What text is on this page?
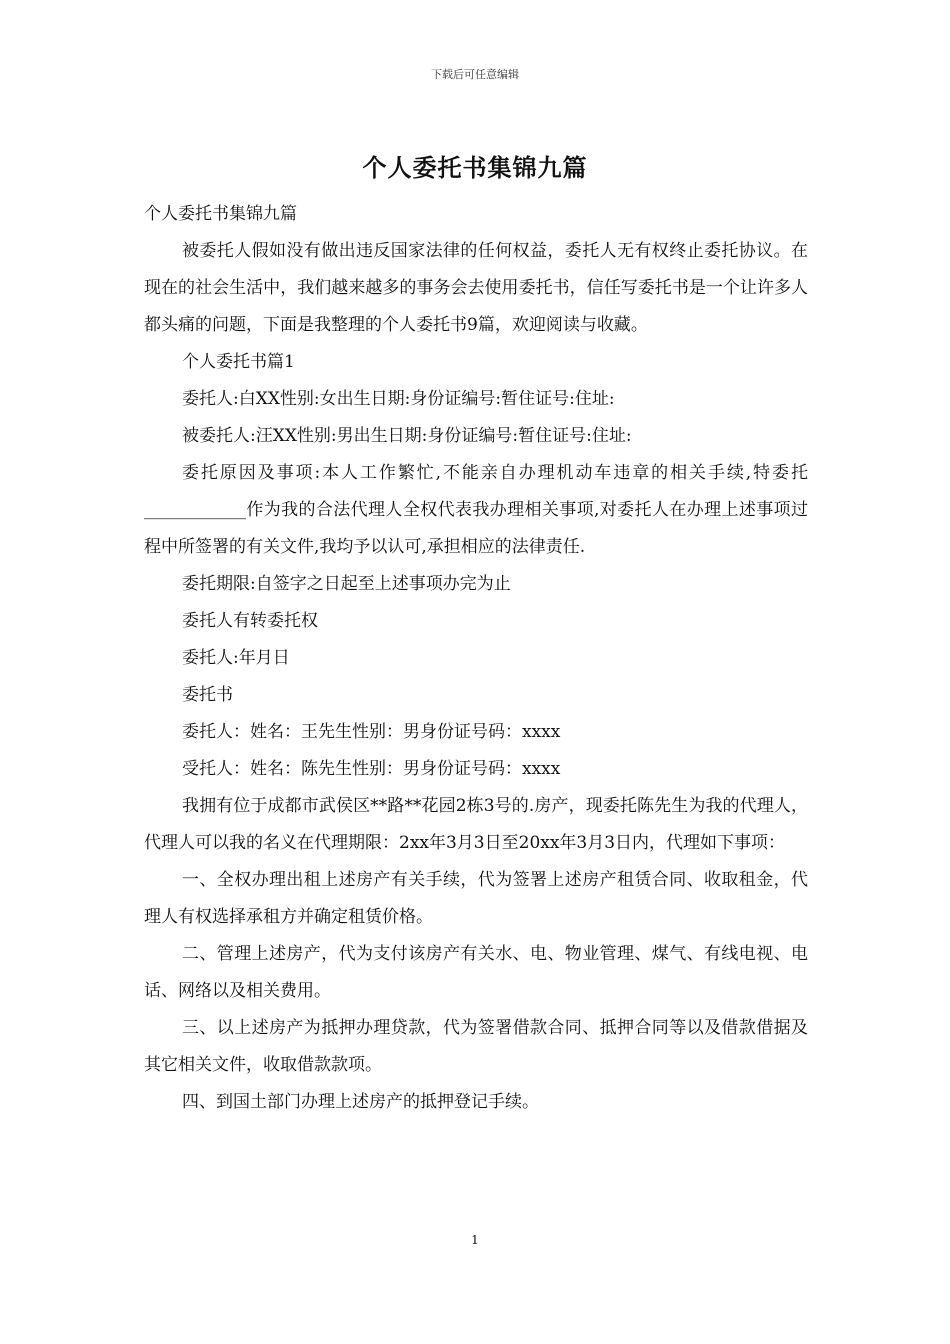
下载后可任意编辑
个人委托书集锦九篇

个人委托书集锦九篇

被委托人假如没有做出违反国家法律的任何权益，委托人无有权终止委托协议。在现在的社会生活中，我们越来越多的事务会去使用委托书，信任写委托书是一个让许多人都头痛的问题，下面是我整理的个人委托书9篇，欢迎阅读与收藏。

个人委托书篇1

委托人:白XX性别:女出生日期:身份证编号:暂住证号:住址:

被委托人:汪XX性别:男出生日期:身份证编号:暂住证号:住址:

委托原因及事项:本人工作繁忙,不能亲自办理机动车违章的相关手续,特委托____________作为我的合法代理人全权代表我办理相关事项,对委托人在办理上述事项过程中所签署的有关文件,我均予以认可,承担相应的法律责任.

委托期限:自签字之日起至上述事项办完为止

委托人有转委托权

委托人:年月日

委托书

委托人：姓名：王先生性别：男身份证号码：xxxx

受托人：姓名：陈先生性别：男身份证号码：xxxx

我拥有位于成都市武侯区**路**花园2栋3号的.房产，现委托陈先生为我的代理人，代理人可以我的名义在代理期限：2xx年3月3日至20xx年3月3日内，代理如下事项：

一、全权办理出租上述房产有关手续，代为签署上述房产租赁合同、收取租金，代理人有权选择承租方并确定租赁价格。

二、管理上述房产，代为支付该房产有关水、电、物业管理、煤气、有线电视、电话、网络以及相关费用。

三、以上述房产为抵押办理贷款，代为签署借款合同、抵押合同等以及借款借据及其它相关文件，收取借款款项。

四、到国土部门办理上述房产的抵押登记手续。

1
